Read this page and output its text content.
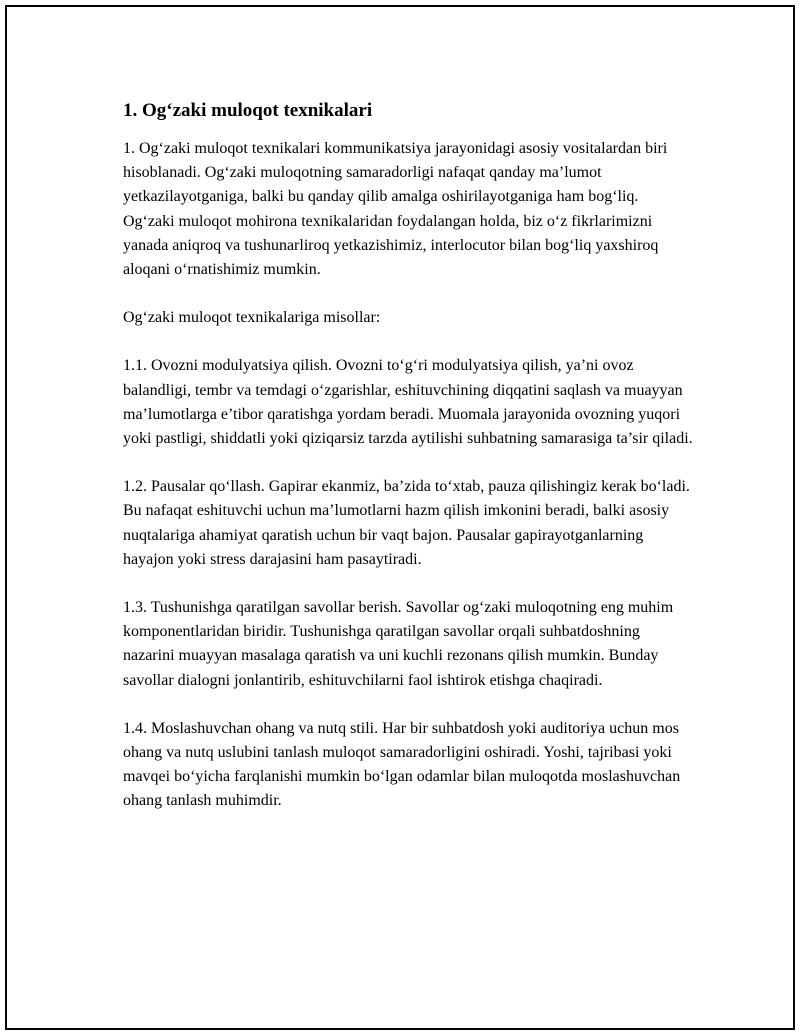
1. Og‘zaki muloqot texnikalari

1. Og‘zaki muloqot texnikalari kommunikatsiya jarayonidagi asosiy vositalardan biri hisoblanadi. Og‘zaki muloqotning samaradorligi nafaqat qanday ma’lumot yetkazilayotganiga, balki bu qanday qilib amalga oshirilayotganiga ham bog‘liq. Og‘zaki muloqot mohirona texnikalaridan foydalangan holda, biz o‘z fikrlarimizni yanada aniqroq va tushunarliroq yetkazishimiz, interlocutor bilan bog‘liq yaxshiroq aloqani o‘rnatishimiz mumkin.

Og‘zaki muloqot texnikalariga misollar:

1.1. Ovozni modulyatsiya qilish. Ovozni to‘g‘ri modulyatsiya qilish, ya’ni ovoz balandligi, tembr va temdagi o‘zgarishlar, eshituvchining diqqatini saqlash va muayyan ma’lumotlarga e’tibor qaratishga yordam beradi. Muomala jarayonida ovozning yuqori yoki pastligi, shiddatli yoki qiziqarsiz tarzda aytilishi suhbatning samarasiga ta’sir qiladi.

1.2. Pausalar qo‘llash. Gapirar ekanmiz, ba’zida to‘xtab, pauza qilishingiz kerak bo‘ladi. Bu nafaqat eshituvchi uchun ma’lumotlarni hazm qilish imkonini beradi, balki asosiy nuqtalariga ahamiyat qaratish uchun bir vaqt bajon. Pausalar gapirayotganlarning hayajon yoki stress darajasini ham pasaytiradi.

1.3. Tushunishga qaratilgan savollar berish. Savollar og‘zaki muloqotning eng muhim komponentlaridan biridir. Tushunishga qaratilgan savollar orqali suhbatdoshning nazarini muayyan masalaga qaratish va uni kuchli rezonans qilish mumkin. Bunday savollar dialogni jonlantirib, eshituvchilarni faol ishtirok etishga chaqiradi.

1.4. Moslashuvchan ohang va nutq stili. Har bir suhbatdosh yoki auditoriya uchun mos ohang va nutq uslubini tanlash muloqot samaradorligini oshiradi. Yoshi, tajribasi yoki mavqei bo‘yicha farqlanishi mumkin bo‘lgan odamlar bilan muloqotda moslashuvchan ohang tanlash muhimdir.
